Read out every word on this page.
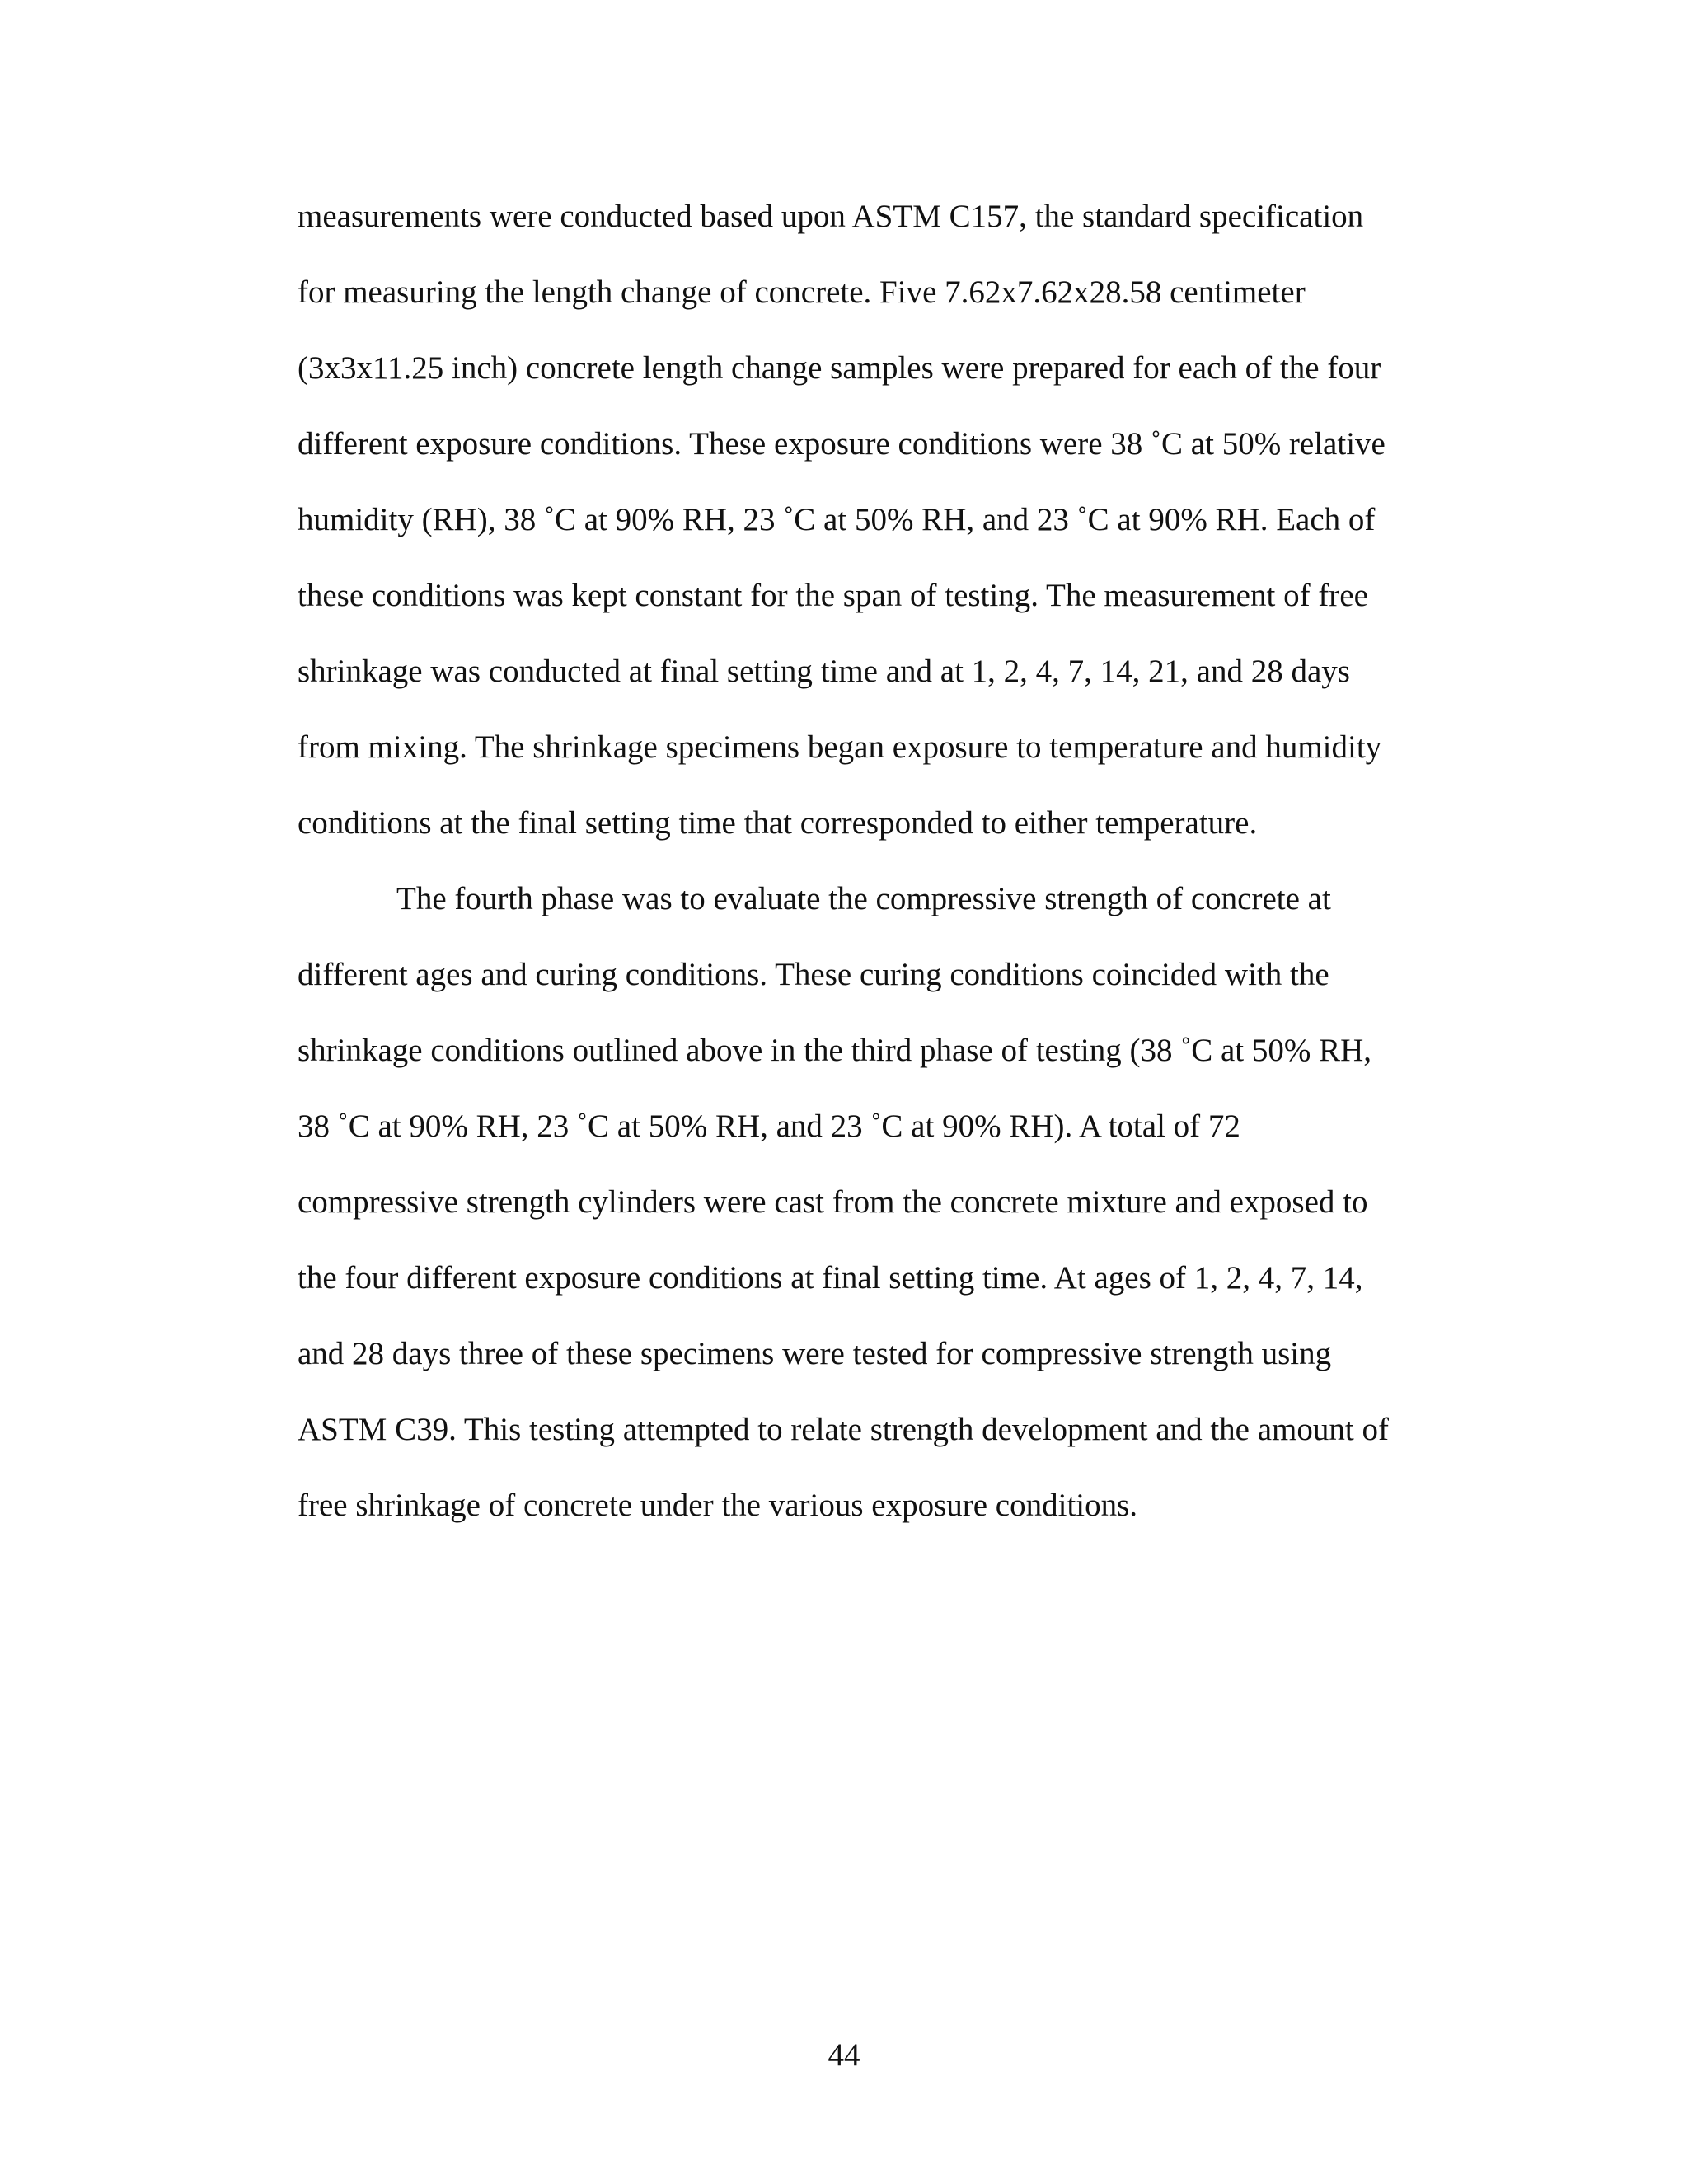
measurements were conducted based upon ASTM C157, the standard specification
for measuring the length change of concrete. Five 7.62x7.62x28.58 centimeter
(3x3x11.25 inch) concrete length change samples were prepared for each of the four
different exposure conditions. These exposure conditions were 38 ˚C at 50% relative
humidity (RH), 38 ˚C at 90% RH, 23 ˚C at 50% RH, and 23 ˚C at 90% RH. Each of
these conditions was kept constant for the span of testing. The measurement of free
shrinkage was conducted at final setting time and at 1, 2, 4, 7, 14, 21, and 28 days
from mixing. The shrinkage specimens began exposure to temperature and humidity
conditions at the final setting time that corresponded to either temperature.
The fourth phase was to evaluate the compressive strength of concrete at
different ages and curing conditions. These curing conditions coincided with the
shrinkage conditions outlined above in the third phase of testing (38 ˚C at 50% RH,
38 ˚C at 90% RH, 23 ˚C at 50% RH, and 23 ˚C at 90% RH). A total of 72
compressive strength cylinders were cast from the concrete mixture and exposed to
the four different exposure conditions at final setting time. At ages of 1, 2, 4, 7, 14,
and 28 days three of these specimens were tested for compressive strength using
ASTM C39. This testing attempted to relate strength development and the amount of
free shrinkage of concrete under the various exposure conditions.
44
